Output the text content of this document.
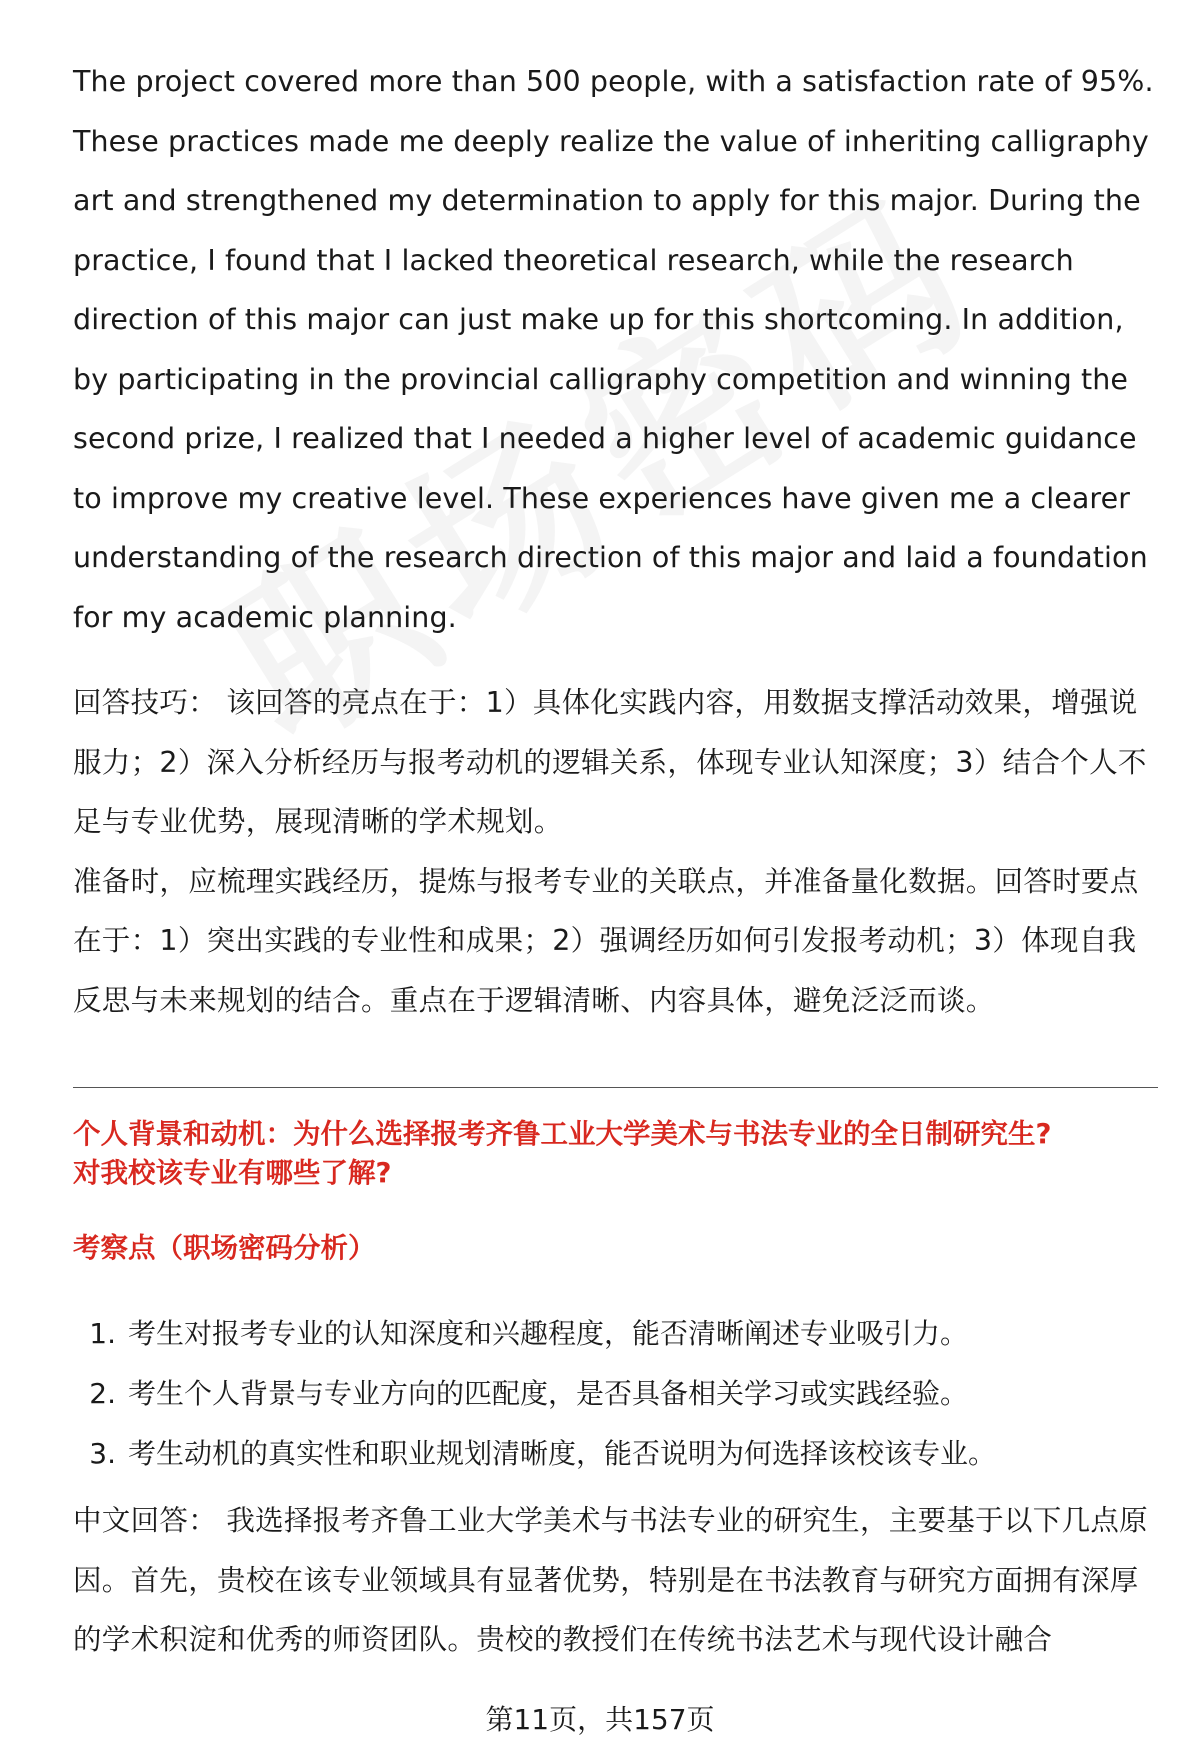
The project covered more than 500 people, with a satisfaction rate of 95%. These practices made me deeply realize the value of inheriting calligraphy art and strengthened my determination to apply for this major. During the practice, I found that I lacked theoretical research, while the research direction of this major can just make up for this shortcoming. In addition, by participating in the provincial calligraphy competition and winning the second prize, I realized that I needed a higher level of academic guidance to improve my creative level. These experiences have given me a clearer understanding of the research direction of this major and laid a foundation for my academic planning.

回答技巧： 该回答的亮点在于：1）具体化实践内容，用数据支撑活动效果，增强说服力；2）深入分析经历与报考动机的逻辑关系，体现专业认知深度；3）结合个人不足与专业优势，展现清晰的学术规划。

准备时，应梳理实践经历，提炼与报考专业的关联点，并准备量化数据。回答时要点在于：1）突出实践的专业性和成果；2）强调经历如何引发报考动机；3）体现自我反思与未来规划的结合。重点在于逻辑清晰、内容具体，避免泛泛而谈。

个人背景和动机：为什么选择报考齐鲁工业大学美术与书法专业的全日制研究生?
对我校该专业有哪些了解?
考察点（职场密码分析）
1. 考生对报考专业的认知深度和兴趣程度，能否清晰阐述专业吸引力。
2. 考生个人背景与专业方向的匹配度，是否具备相关学习或实践经验。
3. 考生动机的真实性和职业规划清晰度，能否说明为何选择该校该专业。

中文回答： 我选择报考齐鲁工业大学美术与书法专业的研究生，主要基于以下几点原因。首先，贵校在该专业领域具有显著优势，特别是在书法教育与研究方面拥有深厚的学术积淀和优秀的师资团队。贵校的教授们在传统书法艺术与现代设计融合

第11页，共157页
